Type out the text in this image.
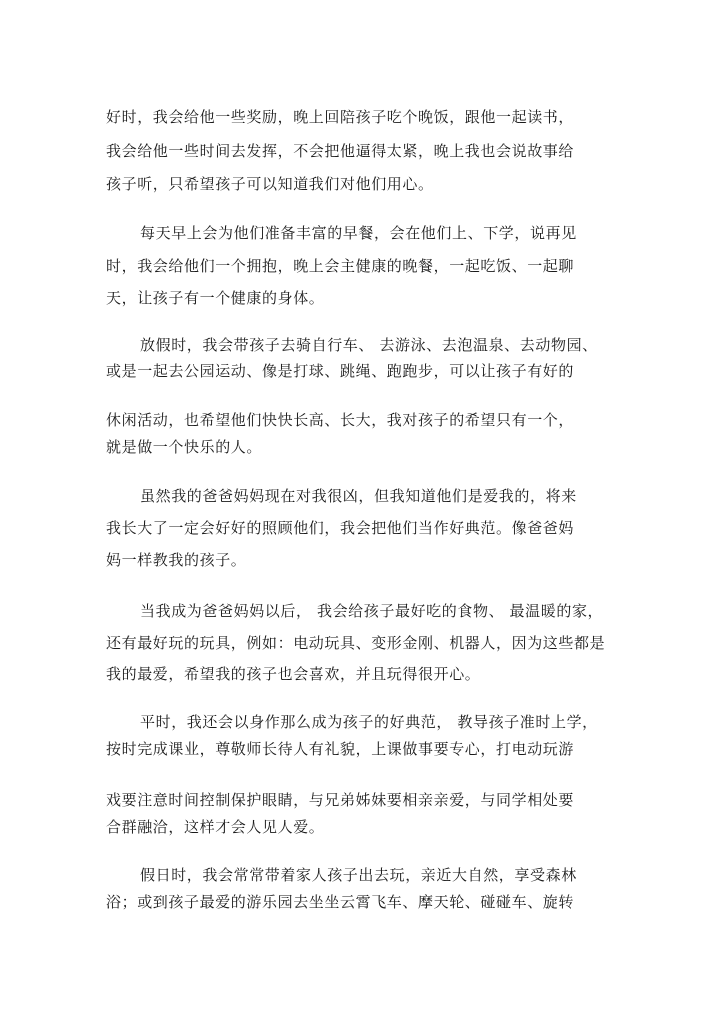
好时，我会给他一些奖励，晚上回陪孩子吃个晚饭，跟他一起读书，
我会给他一些时间去发挥，不会把他逼得太紧，晚上我也会说故事给
孩子听，只希望孩子可以知道我们对他们用心。
每天早上会为他们准备丰富的早餐，会在他们上、下学，说再见
时，我会给他们一个拥抱，晚上会主健康的晚餐，一起吃饭、一起聊
天，让孩子有一个健康的身体。
放假时，我会带孩子去骑自行车、 去游泳、去泡温泉、去动物园、
或是一起去公园运动、像是打球、跳绳、跑跑步，可以让孩子有好的
休闲活动，也希望他们快快长高、长大，我对孩子的希望只有一个，
就是做一个快乐的人。
虽然我的爸爸妈妈现在对我很凶，但我知道他们是爱我的，将来
我长大了一定会好好的照顾他们，我会把他们当作好典范。像爸爸妈
妈一样教我的孩子。
当我成为爸爸妈妈以后， 我会给孩子最好吃的食物、 最温暖的家，
还有最好玩的玩具，例如：电动玩具、变形金刚、机器人，因为这些都是
我的最爱，希望我的孩子也会喜欢，并且玩得很开心。
平时，我还会以身作那么成为孩子的好典范， 教导孩子准时上学，
按时完成课业，尊敬师长待人有礼貌，上课做事要专心，打电动玩游
戏要注意时间控制保护眼睛，与兄弟姊妹要相亲亲爱，与同学相处要
合群融洽，这样才会人见人爱。
假日时，我会常常带着家人孩子出去玩，亲近大自然，享受森林
浴；或到孩子最爱的游乐园去坐坐云霄飞车、摩天轮、碰碰车、旋转
